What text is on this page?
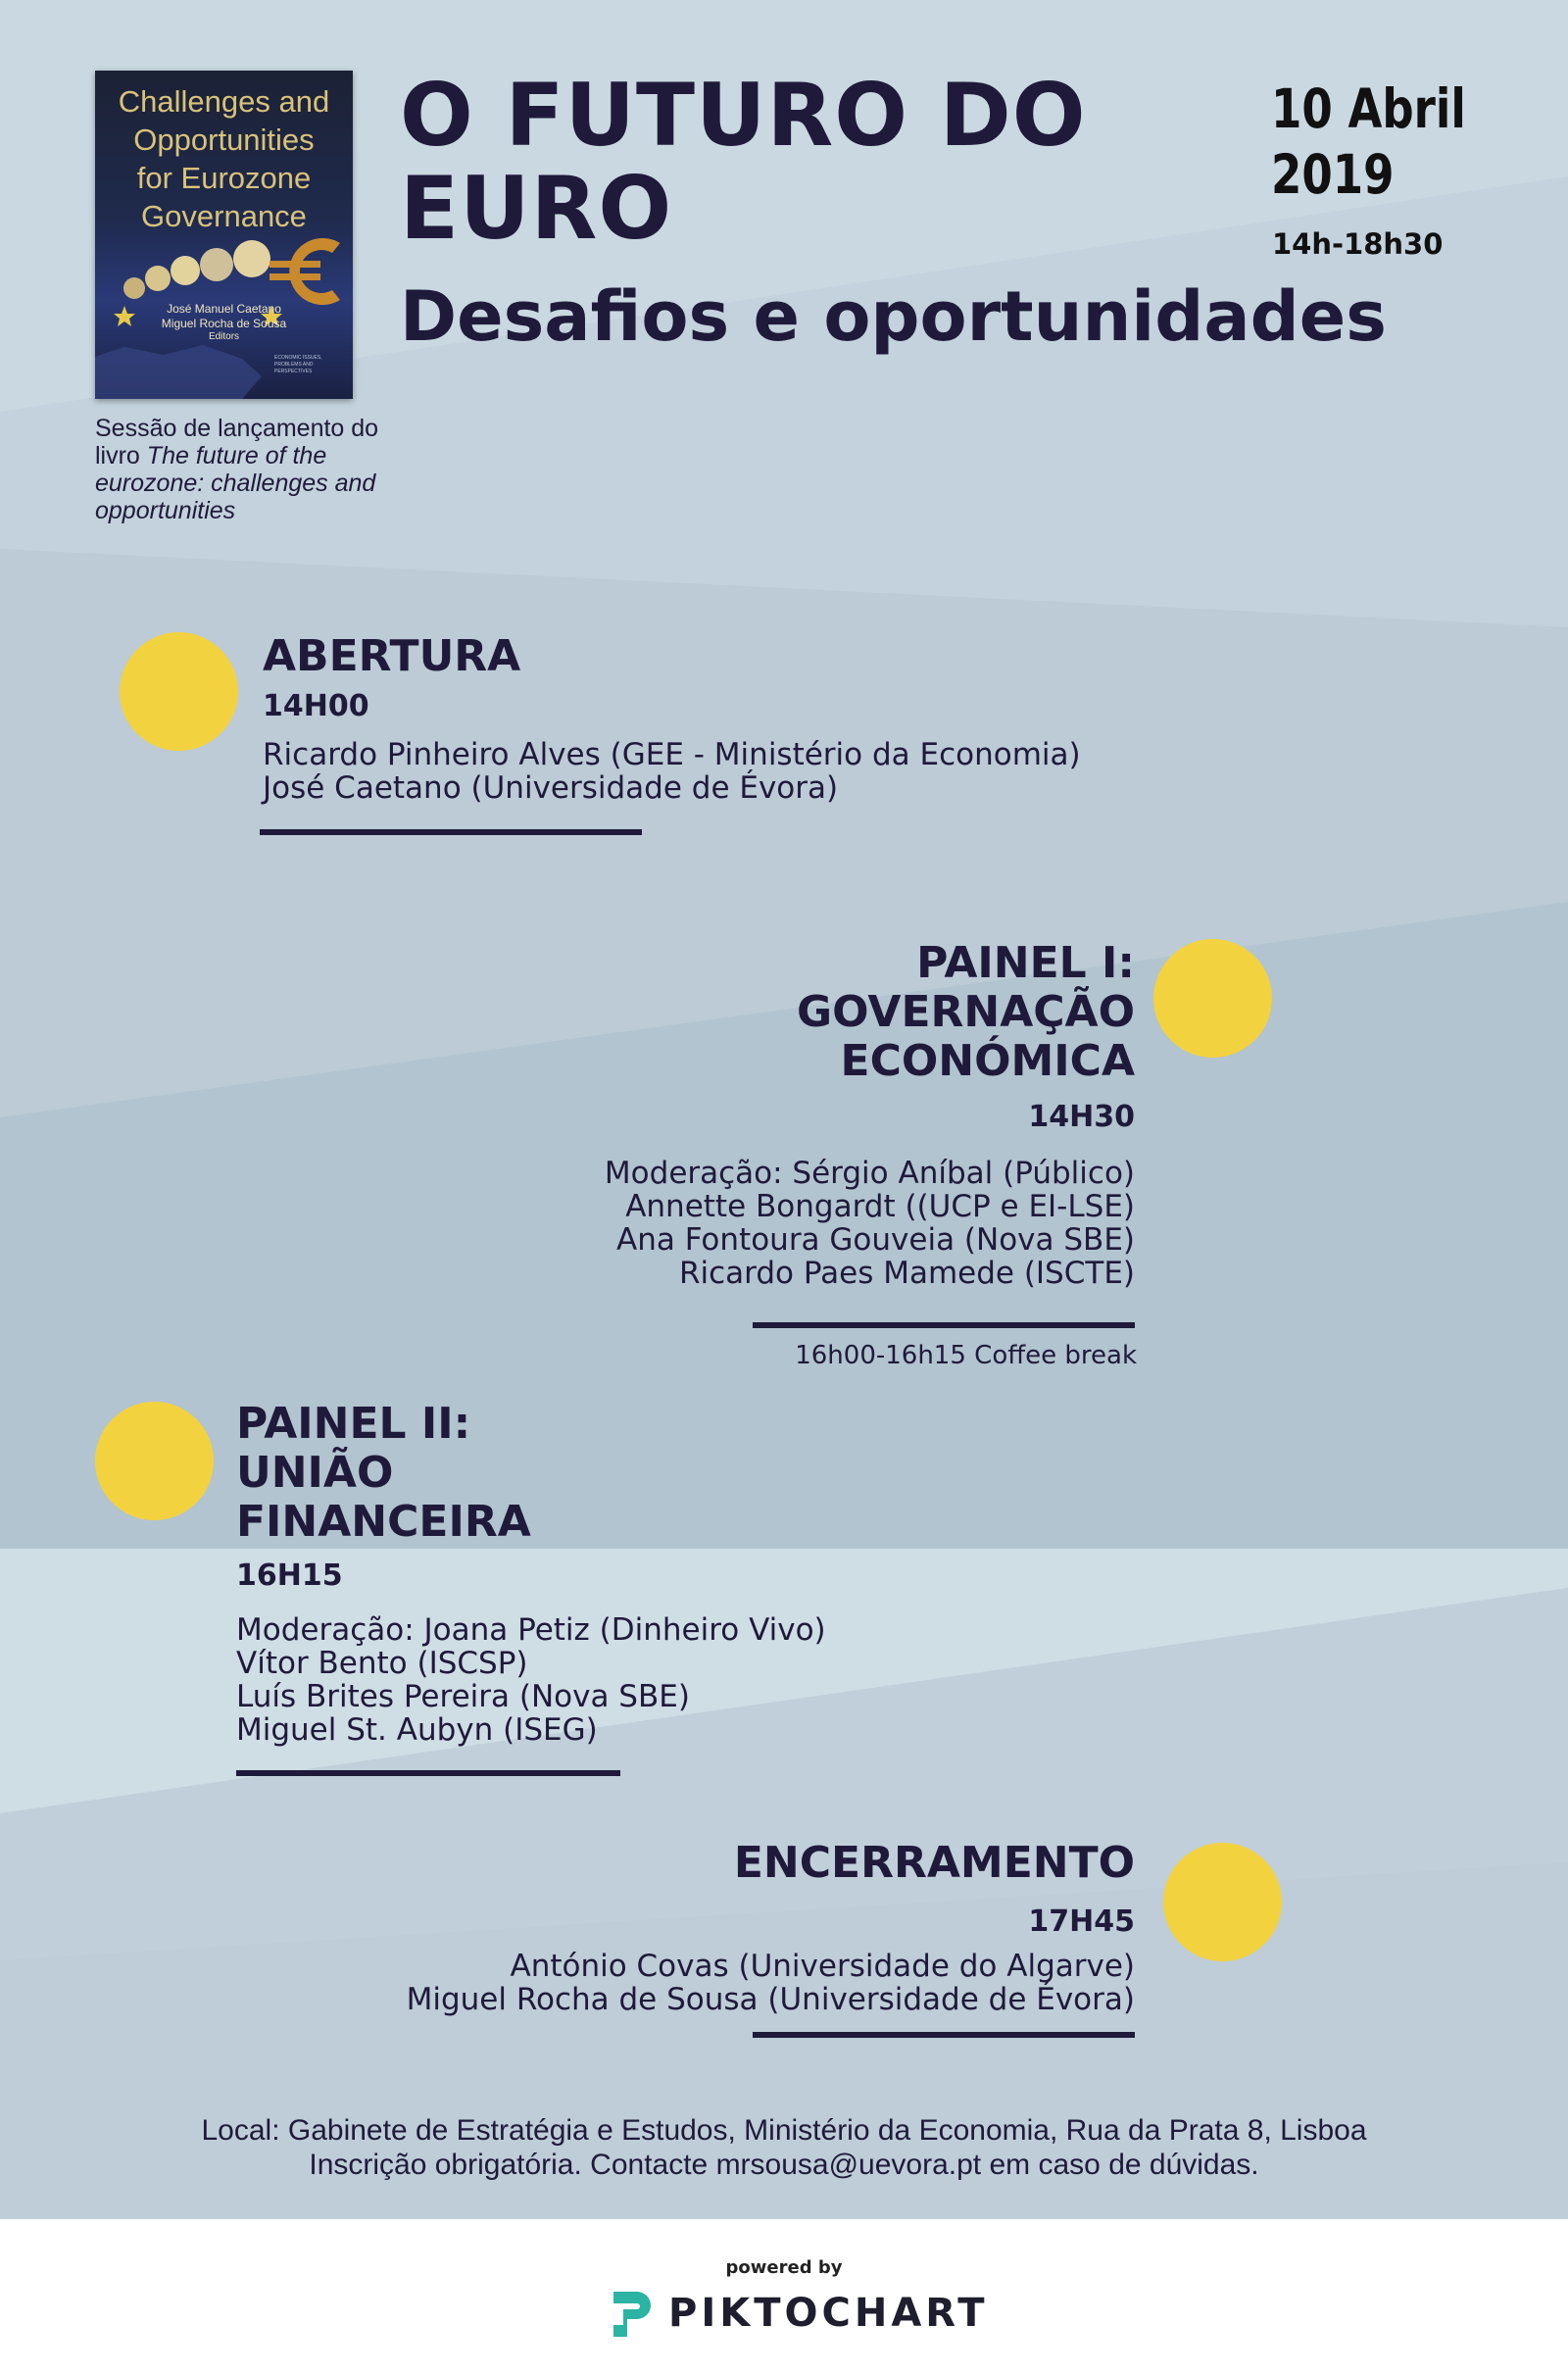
Challenges and
Opportunities
for Eurozone
Governance
José Manuel Caetano
Miguel Rocha de Sousa
Editors
ECONOMIC ISSUES,
PROBLEMS AND
PERSPECTIVES
Sessão de lançamento do
livro The future of the
eurozone: challenges and
opportunities
O FUTURO DO
EURO
Desafios e oportunidades
10 Abril
2019
14h-18h30
ABERTURA
14H00
Ricardo Pinheiro Alves (GEE - Ministério da Economia)
José Caetano (Universidade de Évora)
PAINEL I:
GOVERNAÇÃO
ECONÓMICA
14H30
Moderação: Sérgio Aníbal (Público)
Annette Bongardt ((UCP e EI-LSE)
Ana Fontoura Gouveia (Nova SBE)
Ricardo Paes Mamede (ISCTE)
16h00-16h15 Coffee break
PAINEL II:
UNIÃO
FINANCEIRA
16H15
Moderação: Joana Petiz (Dinheiro Vivo)
Vítor Bento (ISCSP)
Luís Brites Pereira (Nova SBE)
Miguel St. Aubyn (ISEG)
ENCERRAMENTO
17H45
António Covas (Universidade do Algarve)
Miguel Rocha de Sousa (Universidade de Évora)
Local: Gabinete de Estratégia e Estudos, Ministério da Economia, Rua da Prata 8, Lisboa
Inscrição obrigatória. Contacte mrsousa@uevora.pt em caso de dúvidas.
powered by
PIKTOCHART
